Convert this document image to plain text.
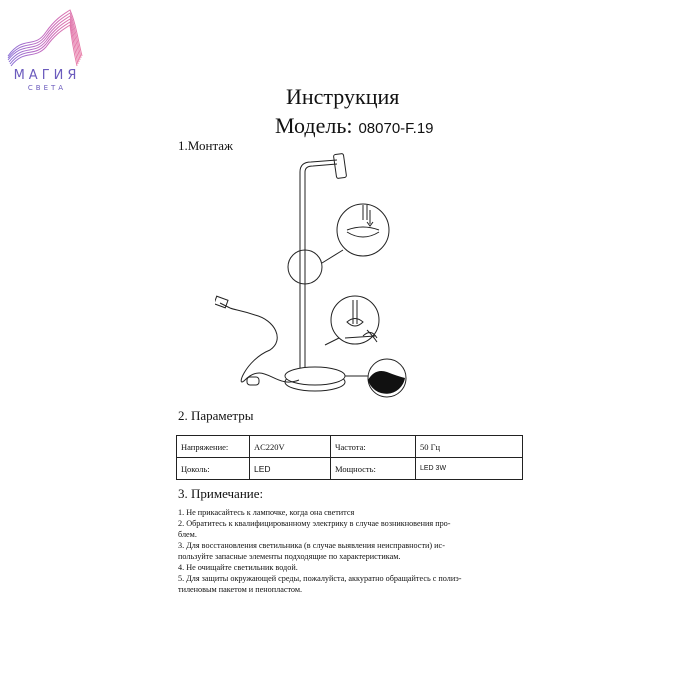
МАГИЯ
СВЕТА	Инструкция
Модель: 08070-F.19
1.Монтаж
2. Параметры
Напряжение:	AC220V	Частота:	50 Гц
Цоколь:	LED	Мощность:	LED 3W
3. Примечание:
1. Не прикасайтесь к лампочке, когда она светится
2. Обратитесь к квалифицированному электрику в случае возникновения про-
блем.
3. Для восстановления светильника (в случае выявления неисправности) ис-
пользуйте запасные элементы подходящие по характеристикам.
4. Не очищайте светильник водой.
5. Для защиты окружающей среды, пожалуйста, аккуратно обращайтесь с полиэ-
тиленовым пакетом и пенопластом.
